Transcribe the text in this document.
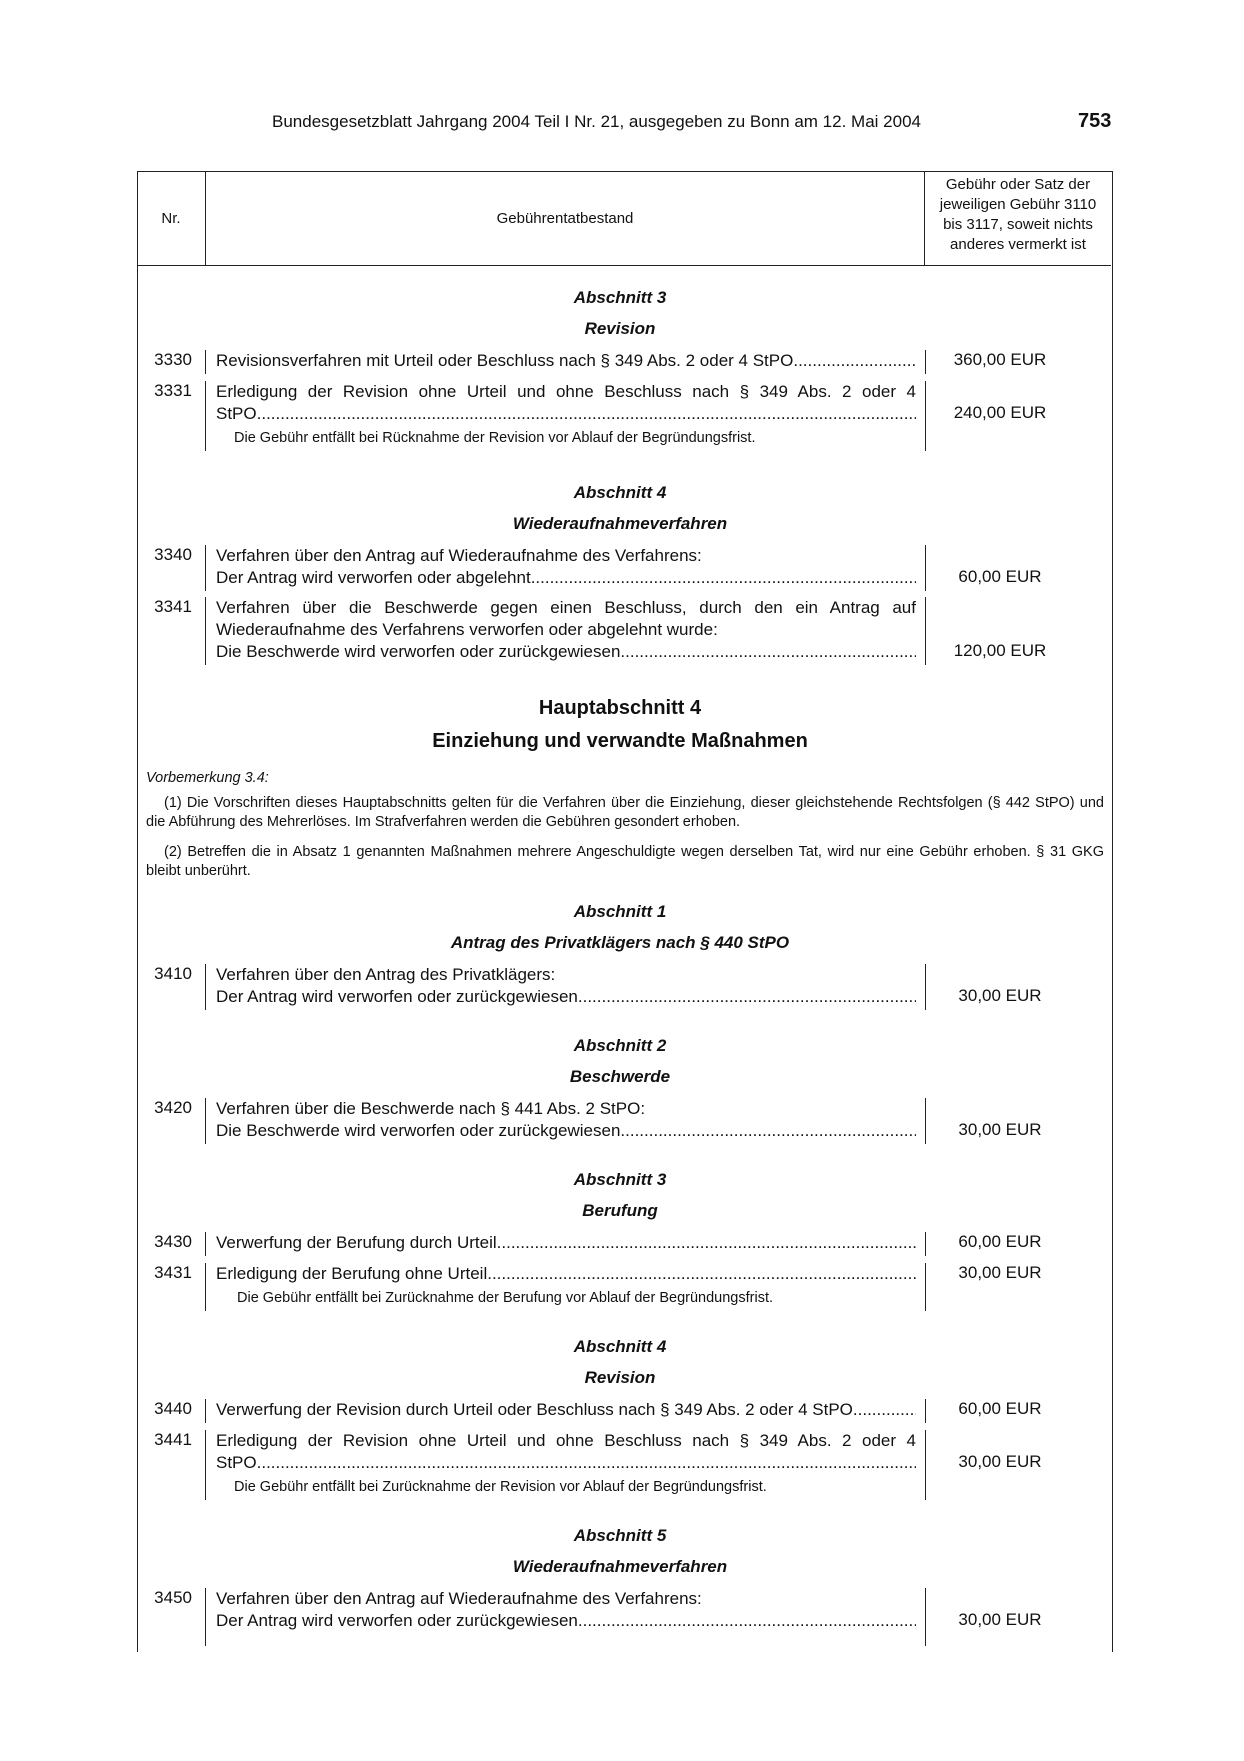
Bundesgesetzblatt Jahrgang 2004 Teil I Nr. 21, ausgegeben zu Bonn am 12. Mai 2004	753
Nr.	Gebührentatbestand
Gebühr oder Satz der
jeweiligen Gebühr 3110
bis 3117, soweit nichts
anderes vermerkt ist
Abschnitt 3
Revision
3330 Revisionsverfahren mit Urteil oder Beschluss nach § 349 Abs. 2 oder 4 StPO .....	360,00 EUR
3331 Erledigung der Revision ohne Urteil und ohne Beschluss nach § 349 Abs. 2 oder 4
StPO .....	240,00 EUR
Die Gebühr entfällt bei Rücknahme der Revision vor Ablauf der Begründungsfrist.
Abschnitt 4
Wiederaufnahmeverfahren
3340 Verfahren über den Antrag auf Wiederaufnahme des Verfahrens:
Der Antrag wird verworfen oder abgelehnt .....	60,00 EUR
3341 Verfahren über die Beschwerde gegen einen Beschluss, durch den ein Antrag auf
Wiederaufnahme des Verfahrens verworfen oder abgelehnt wurde:
Die Beschwerde wird verworfen oder zurückgewiesen .....	120,00 EUR
Hauptabschnitt 4
Einziehung und verwandte Maßnahmen
Vorbemerkung 3.4:
(1) Die Vorschriften dieses Hauptabschnitts gelten für die Verfahren über die Einziehung, dieser gleichstehende Rechtsfolgen (§ 442 StPO) und die Abführung des Mehrerlöses. Im Strafverfahren werden die Gebühren gesondert erhoben.
(2) Betreffen die in Absatz 1 genannten Maßnahmen mehrere Angeschuldigte wegen derselben Tat, wird nur eine Gebühr erhoben. § 31 GKG bleibt unberührt.
Abschnitt 1
Antrag des Privatklägers nach § 440 StPO
3410 Verfahren über den Antrag des Privatklägers:
Der Antrag wird verworfen oder zurückgewiesen .....	30,00 EUR
Abschnitt 2
Beschwerde
3420 Verfahren über die Beschwerde nach § 441 Abs. 2 StPO:
Die Beschwerde wird verworfen oder zurückgewiesen .....	30,00 EUR
Abschnitt 3
Berufung
3430 Verwerfung der Berufung durch Urteil .....	60,00 EUR
3431 Erledigung der Berufung ohne Urteil .....	30,00 EUR
Die Gebühr entfällt bei Zurücknahme der Berufung vor Ablauf der Begründungsfrist.
Abschnitt 4
Revision
3440 Verwerfung der Revision durch Urteil oder Beschluss nach § 349 Abs. 2 oder 4 StPO .....	60,00 EUR
3441 Erledigung der Revision ohne Urteil und ohne Beschluss nach § 349 Abs. 2 oder 4
StPO .....	30,00 EUR
Die Gebühr entfällt bei Zurücknahme der Revision vor Ablauf der Begründungsfrist.
Abschnitt 5
Wiederaufnahmeverfahren
3450 Verfahren über den Antrag auf Wiederaufnahme des Verfahrens:
Der Antrag wird verworfen oder zurückgewiesen .....	30,00 EUR
